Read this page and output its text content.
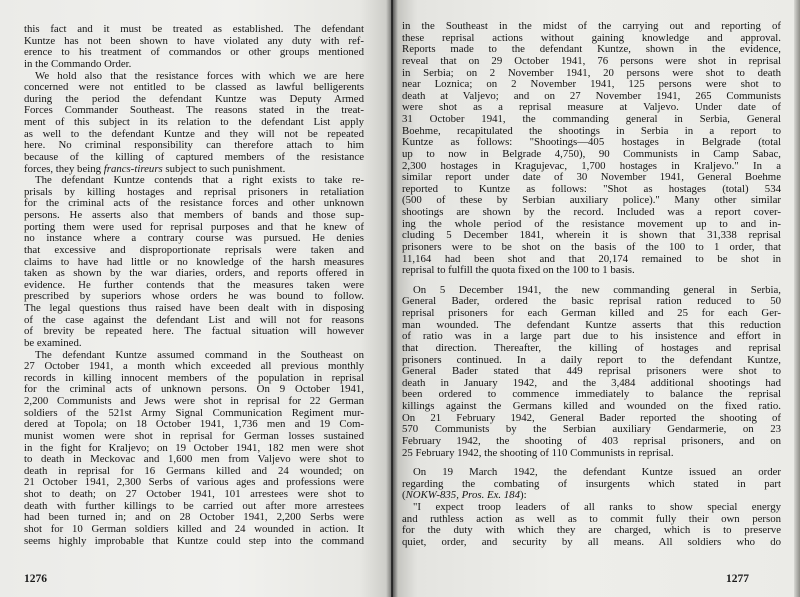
this fact and it must be treated as established. The defendant
Kuntze has not been shown to have violated any duty with ref-
erence to his treatment of commandos or other groups mentioned
in the Commando Order.
We hold also that the resistance forces with which we are here
concerned were not entitled to be classed as lawful belligerents
during the period the defendant Kuntze was Deputy Armed
Forces Commander Southeast. The reasons stated in the treat-
ment of this subject in its relation to the defendant List apply
as well to the defendant Kuntze and they will not be repeated
here. No criminal responsibility can therefore attach to him
because of the killing of captured members of the resistance
forces, they being francs-tireurs subject to such punishment.
The defendant Kuntze contends that a right exists to take re-
prisals by killing hostages and reprisal prisoners in retaliation
for the criminal acts of the resistance forces and other unknown
persons. He asserts also that members of bands and those sup-
porting them were used for reprisal purposes and that he knew of
no instance where a contrary course was pursued. He denies
that excessive and disproportionate reprisals were taken and
claims to have had little or no knowledge of the harsh measures
taken as shown by the war diaries, orders, and reports offered in
evidence. He further contends that the measures taken were
prescribed by superiors whose orders he was bound to follow.
The legal questions thus raised have been dealt with in disposing
of the case against the defendant List and will not for reasons
of brevity be repeated here. The factual situation will however
be examined.
The defendant Kuntze assumed command in the Southeast on
27 October 1941, a month which exceeded all previous monthly
records in killing innocent members of the population in reprisal
for the criminal acts of unknown persons. On 9 October 1941,
2,200 Communists and Jews were shot in reprisal for 22 German
soldiers of the 521st Army Signal Communication Regiment mur-
dered at Topola; on 18 October 1941, 1,736 men and 19 Com-
munist women were shot in reprisal for German losses sustained
in the fight for Kraljevo; on 19 October 1941, 182 men were shot
to death in Meckovac and 1,600 men from Valjevo were shot to
death in reprisal for 16 Germans killed and 24 wounded; on
21 October 1941, 2,300 Serbs of various ages and professions were
shot to death; on 27 October 1941, 101 arrestees were shot to
death with further killings to be carried out after more arrestees
had been turned in; and on 28 October 1941, 2,200 Serbs were
shot for 10 German soldiers killed and 24 wounded in action. It
seems highly improbable that Kuntze could step into the command
1276
in the Southeast in the midst of the carrying out and reporting of
these reprisal actions without gaining knowledge and approval.
Reports made to the defendant Kuntze, shown in the evidence,
reveal that on 29 October 1941, 76 persons were shot in reprisal
in Serbia; on 2 November 1941, 20 persons were shot to death
near Loznica; on 2 November 1941, 125 persons were shot to
death at Valjevo; and on 27 November 1941, 265 Communists
were shot as a reprisal measure at Valjevo. Under date of
31 October 1941, the commanding general in Serbia, General
Boehme, recapitulated the shootings in Serbia in a report to
Kuntze as follows: "Shootings—405 hostages in Belgrade (total
up to now in Belgrade 4,750), 90 Communists in Camp Sabac,
2,300 hostages in Kragujevac, 1,700 hostages in Kraljevo." In a
similar report under date of 30 November 1941, General Boehme
reported to Kuntze as follows: "Shot as hostages (total) 534
(500 of these by Serbian auxiliary police)." Many other similar
shootings are shown by the record. Included was a report cover-
ing the whole period of the resistance movement up to and in-
cluding 5 December 1841, wherein it is shown that 31,338 reprisal
prisoners were to be shot on the basis of the 100 to 1 order, that
11,164 had been shot and that 20,174 remained to be shot in
reprisal to fulfill the quota fixed on the 100 to 1 basis.
On 5 December 1941, the new commanding general in Serbia,
General Bader, ordered the basic reprisal ration reduced to 50
reprisal prisoners for each German killed and 25 for each Ger-
man wounded. The defendant Kuntze asserts that this reduction
of ratio was in a large part due to his insistence and effort in
that direction. Thereafter, the killing of hostages and reprisal
prisoners continued. In a daily report to the defendant Kuntze,
General Bader stated that 449 reprisal prisoners were shot to
death in January 1942, and the 3,484 additional shootings had
been ordered to commence immediately to balance the reprisal
killings against the Germans killed and wounded on the fixed ratio.
On 21 February 1942, General Bader reported the shooting of
570 Communists by the Serbian auxiliary Gendarmerie, on 23
February 1942, the shooting of 403 reprisal prisoners, and on
25 February 1942, the shooting of 110 Communists in reprisal.
On 19 March 1942, the defendant Kuntze issued an order
regarding the combating of insurgents which stated in part
(NOKW-835, Pros. Ex. 184):
"I expect troop leaders of all ranks to show special energy
and ruthless action as well as to commit fully their own person
for the duty with which they are charged, which is to preserve
quiet, order, and security by all means. All soldiers who do
1277
